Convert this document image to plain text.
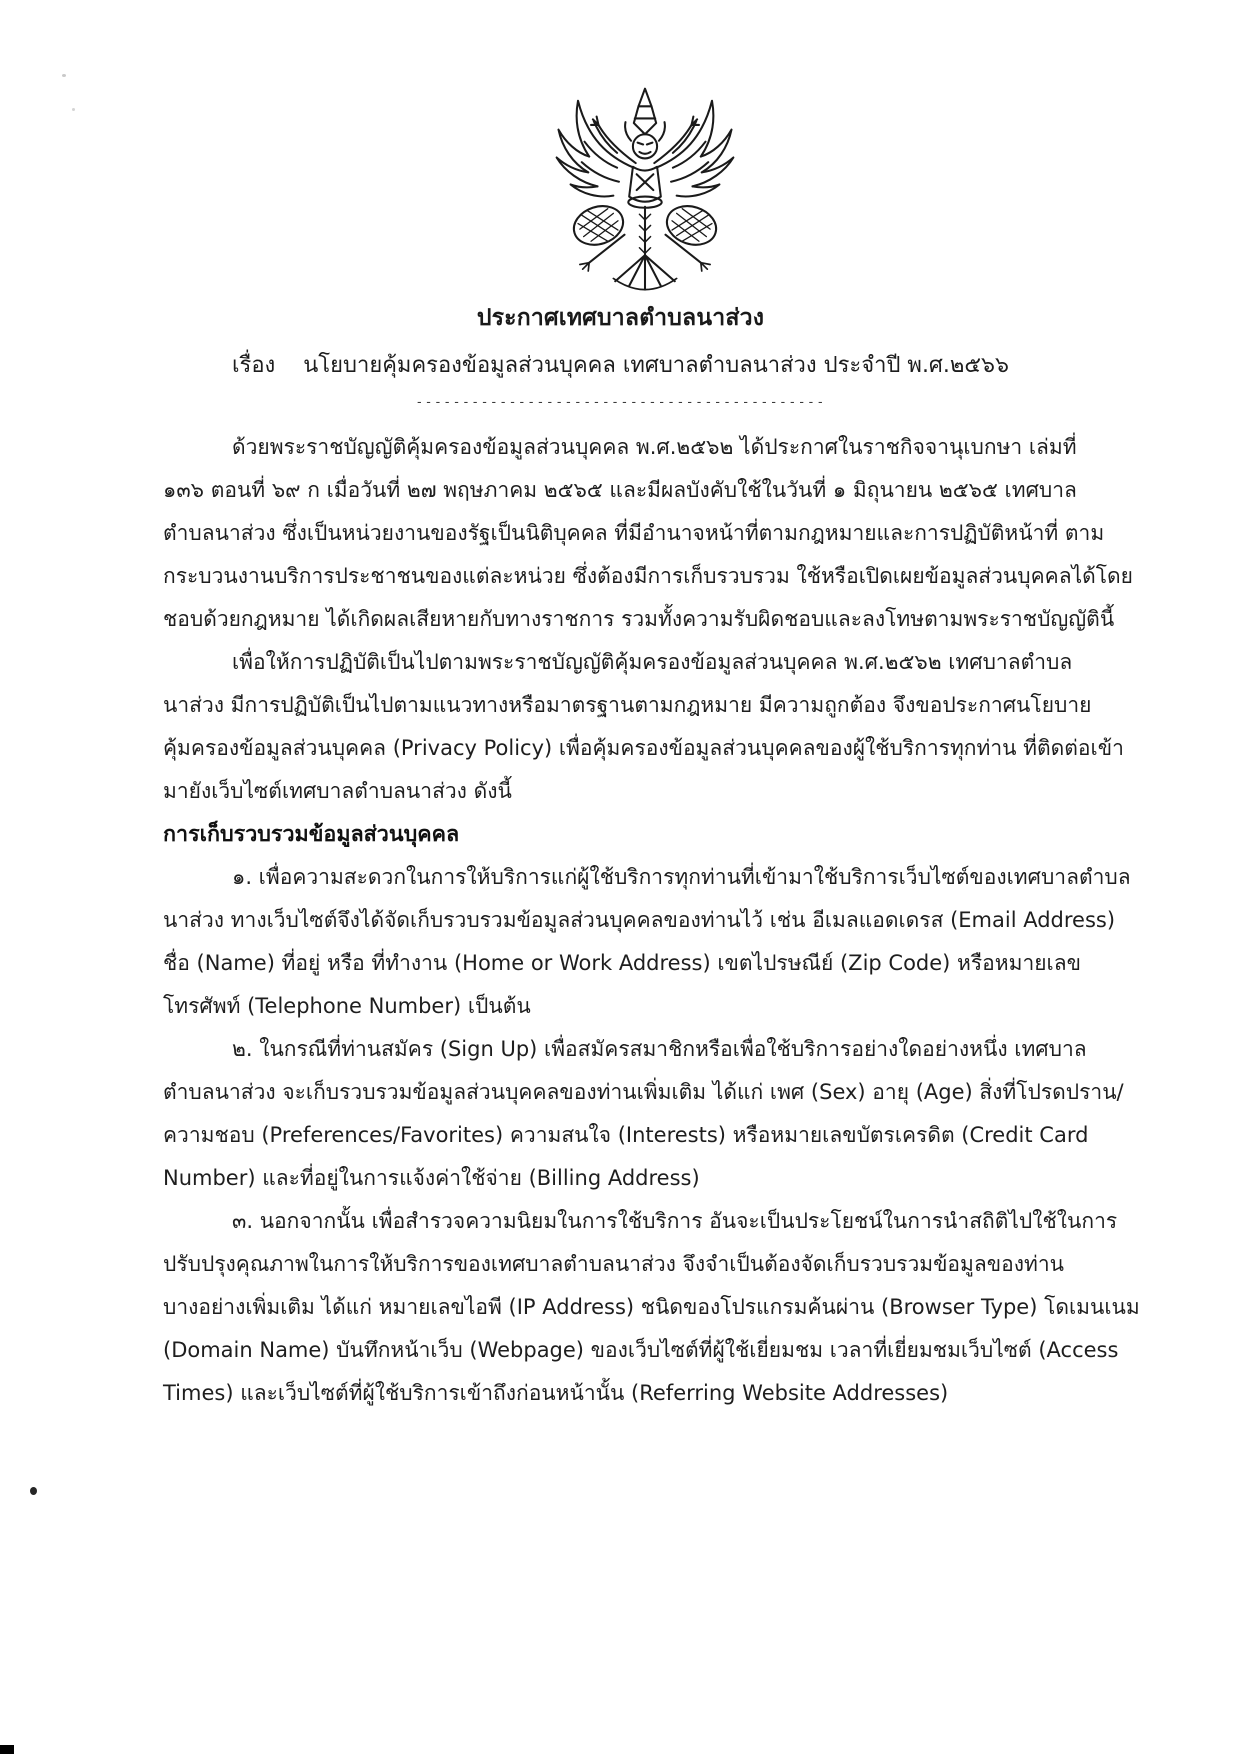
ประกาศเทศบาลตำบลนาส่วง
เรื่อง    นโยบายคุ้มครองข้อมูลส่วนบุคคล เทศบาลตำบลนาส่วง ประจำปี พ.ศ.๒๕๖๖
--------------------------------------------
ด้วยพระราชบัญญัติคุ้มครองข้อมูลส่วนบุคคล พ.ศ.๒๕๖๒ ได้ประกาศในราชกิจจานุเบกษา เล่มที่
๑๓๖ ตอนที่ ๖๙ ก เมื่อวันที่ ๒๗ พฤษภาคม ๒๕๖๕ และมีผลบังคับใช้ในวันที่ ๑ มิถุนายน ๒๕๖๕ เทศบาล
ตำบลนาส่วง ซึ่งเป็นหน่วยงานของรัฐเป็นนิติบุคคล ที่มีอำนาจหน้าที่ตามกฎหมายและการปฏิบัติหน้าที่ ตาม
กระบวนงานบริการประชาชนของแต่ละหน่วย ซึ่งต้องมีการเก็บรวบรวม ใช้หรือเปิดเผยข้อมูลส่วนบุคคลได้โดย
ชอบด้วยกฎหมาย ได้เกิดผลเสียหายกับทางราชการ รวมทั้งความรับผิดชอบและลงโทษตามพระราชบัญญัตินี้
เพื่อให้การปฏิบัติเป็นไปตามพระราชบัญญัติคุ้มครองข้อมูลส่วนบุคคล พ.ศ.๒๕๖๒ เทศบาลตำบล
นาส่วง มีการปฏิบัติเป็นไปตามแนวทางหรือมาตรฐานตามกฎหมาย มีความถูกต้อง จึงขอประกาศนโยบาย
คุ้มครองข้อมูลส่วนบุคคล (Privacy Policy) เพื่อคุ้มครองข้อมูลส่วนบุคคลของผู้ใช้บริการทุกท่าน ที่ติดต่อเข้า
มายังเว็บไซต์เทศบาลตำบลนาส่วง ดังนี้
การเก็บรวบรวมข้อมูลส่วนบุคคล
๑. เพื่อความสะดวกในการให้บริการแก่ผู้ใช้บริการทุกท่านที่เข้ามาใช้บริการเว็บไซต์ของเทศบาลตำบล
นาส่วง ทางเว็บไซต์จึงได้จัดเก็บรวบรวมข้อมูลส่วนบุคคลของท่านไว้ เช่น อีเมลแอดเดรส (Email Address)
ชื่อ (Name) ที่อยู่ หรือ ที่ทำงาน (Home or Work Address) เขตไปรษณีย์ (Zip Code) หรือหมายเลข
โทรศัพท์ (Telephone Number) เป็นต้น
๒. ในกรณีที่ท่านสมัคร (Sign Up) เพื่อสมัครสมาชิกหรือเพื่อใช้บริการอย่างใดอย่างหนึ่ง เทศบาล
ตำบลนาส่วง จะเก็บรวบรวมข้อมูลส่วนบุคคลของท่านเพิ่มเติม ได้แก่ เพศ (Sex) อายุ (Age) สิ่งที่โปรดปราน/
ความชอบ (Preferences/Favorites) ความสนใจ (Interests) หรือหมายเลขบัตรเครดิต (Credit Card
Number) และที่อยู่ในการแจ้งค่าใช้จ่าย (Billing Address)
๓. นอกจากนั้น เพื่อสำรวจความนิยมในการใช้บริการ อันจะเป็นประโยชน์ในการนำสถิติไปใช้ในการ
ปรับปรุงคุณภาพในการให้บริการของเทศบาลตำบลนาส่วง จึงจำเป็นต้องจัดเก็บรวบรวมข้อมูลของท่าน
บางอย่างเพิ่มเติม ได้แก่ หมายเลขไอพี (IP Address) ชนิดของโปรแกรมค้นผ่าน (Browser Type) โดเมนเนม
(Domain Name) บันทึกหน้าเว็บ (Webpage) ของเว็บไซต์ที่ผู้ใช้เยี่ยมชม เวลาที่เยี่ยมชมเว็บไซต์ (Access
Times) และเว็บไซต์ที่ผู้ใช้บริการเข้าถึงก่อนหน้านั้น (Referring Website Addresses)
